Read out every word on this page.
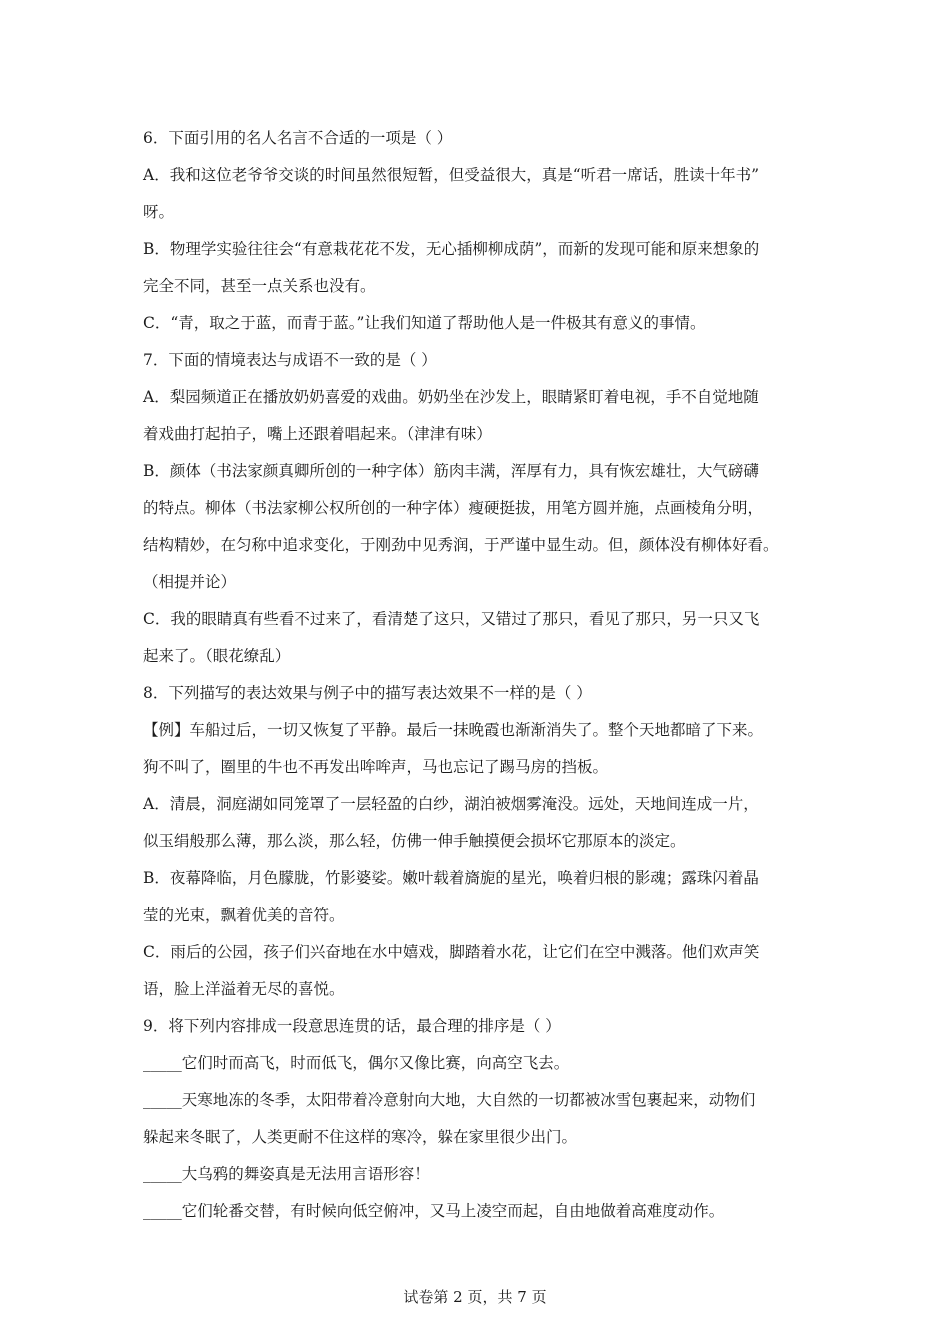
6．下面引用的名人名言不合适的一项是（ ）

A．我和这位老爷爷交谈的时间虽然很短暂，但受益很大，真是“听君一席话，胜读十年书”

呀。

B．物理学实验往往会“有意栽花花不发，无心插柳柳成荫”，而新的发现可能和原来想象的

完全不同，甚至一点关系也没有。

C．“青，取之于蓝，而青于蓝。”让我们知道了帮助他人是一件极其有意义的事情。

7．下面的情境表达与成语不一致的是（ ）

A．梨园频道正在播放奶奶喜爱的戏曲。奶奶坐在沙发上，眼睛紧盯着电视，手不自觉地随

着戏曲打起拍子，嘴上还跟着唱起来。（津津有味）

B．颜体（书法家颜真卿所创的一种字体）筋肉丰满，浑厚有力，具有恢宏雄壮，大气磅礴

的特点。柳体（书法家柳公权所创的一种字体）瘦硬挺拔，用笔方圆并施，点画棱角分明，

结构精妙，在匀称中追求变化，于刚劲中见秀润，于严谨中显生动。但，颜体没有柳体好看。

（相提并论）

C．我的眼睛真有些看不过来了，看清楚了这只，又错过了那只，看见了那只，另一只又飞

起来了。（眼花缭乱）

8．下列描写的表达效果与例子中的描写表达效果不一样的是（ ）

【例】车船过后，一切又恢复了平静。最后一抹晚霞也渐渐消失了。整个天地都暗了下来。

狗不叫了，圈里的牛也不再发出哞哞声，马也忘记了踢马房的挡板。

A．清晨，洞庭湖如同笼罩了一层轻盈的白纱，湖泊被烟雾淹没。远处，天地间连成一片，

似玉绢般那么薄，那么淡，那么轻，仿佛一伸手触摸便会损坏它那原本的淡定。

B．夜幕降临，月色朦胧，竹影婆娑。嫩叶载着旖旎的星光，唤着归根的影魂；露珠闪着晶

莹的光束，飘着优美的音符。

C．雨后的公园，孩子们兴奋地在水中嬉戏，脚踏着水花，让它们在空中溅落。他们欢声笑

语，脸上洋溢着无尽的喜悦。

9．将下列内容排成一段意思连贯的话，最合理的排序是（ ）

_____它们时而高飞，时而低飞，偶尔又像比赛，向高空飞去。

_____天寒地冻的冬季，太阳带着冷意射向大地，大自然的一切都被冰雪包裹起来，动物们

躲起来冬眠了，人类更耐不住这样的寒冷，躲在家里很少出门。

_____大乌鸦的舞姿真是无法用言语形容！

_____它们轮番交替，有时候向低空俯冲，又马上凌空而起，自由地做着高难度动作。

试卷第 2 页，共 7 页
